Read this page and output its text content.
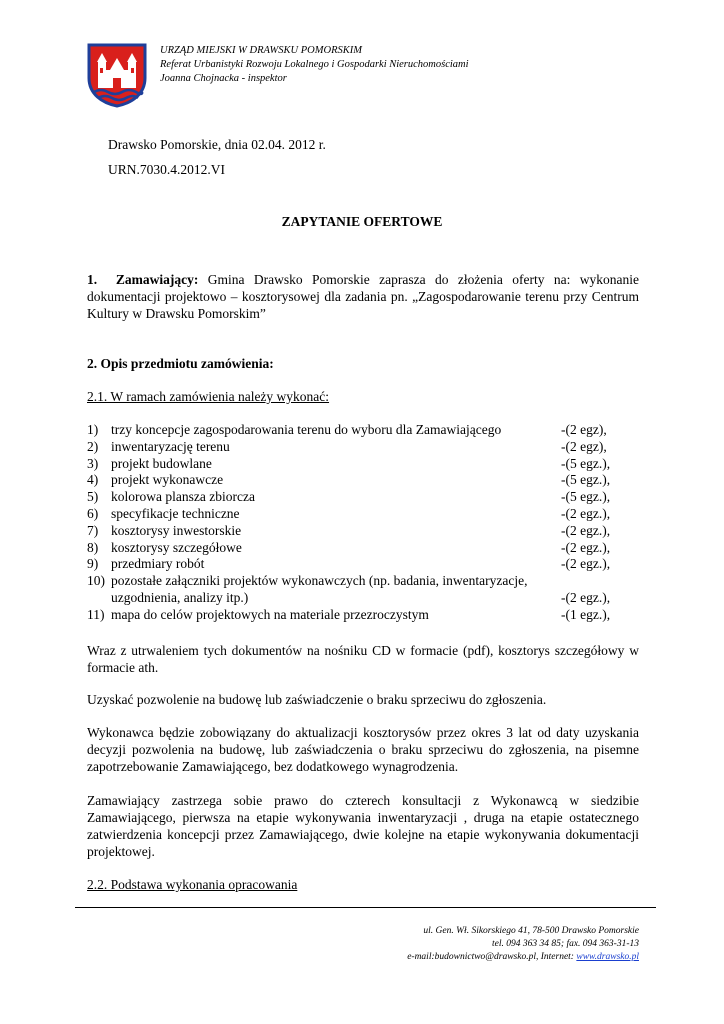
URZĄD MIEJSKI W DRAWSKU POMORSKIM
Referat Urbanistyki Rozwoju Lokalnego i Gospodarki Nieruchomościami
Joanna Chojnacka - inspektor
Drawsko Pomorskie, dnia 02.04. 2012 r.
URN.7030.4.2012.VI
ZAPYTANIE OFERTOWE
1. Zamawiający: Gmina Drawsko Pomorskie zaprasza do złożenia oferty na: wykonanie dokumentacji projektowo – kosztorysowej dla zadania pn. „Zagospodarowanie terenu przy Centrum Kultury w Drawsku Pomorskim”
2. Opis przedmiotu zamówienia:
2.1. W ramach zamówienia należy wykonać:
1) trzy koncepcje zagospodarowania terenu do wyboru dla Zamawiającego	-(2 egz),
2) inwentaryzację terenu	-(2 egz),
3) projekt budowlane	-(5 egz.),
4) projekt wykonawcze	-(5 egz.),
5) kolorowa plansza zbiorcza	-(5 egz.),
6) specyfikacje techniczne	-(2 egz.),
7) kosztorysy inwestorskie	-(2 egz.),
8) kosztorysy szczegółowe	-(2 egz.),
9) przedmiary robót	-(2 egz.),
10) pozostałe załączniki projektów wykonawczych (np. badania, inwentaryzacje,
uzgodnienia, analizy itp.)	-(2 egz.),
11) mapa do celów projektowych na materiale przezroczystym	-(1 egz.),
Wraz z utrwaleniem tych dokumentów na nośniku CD w formacie (pdf), kosztorys szczegółowy w formacie ath.
Uzyskać pozwolenie na budowę lub zaświadczenie o braku sprzeciwu do zgłoszenia.
Wykonawca będzie zobowiązany do aktualizacji kosztorysów przez okres 3 lat od daty uzyskania decyzji pozwolenia na budowę, lub zaświadczenia o braku sprzeciwu do zgłoszenia, na pisemne zapotrzebowanie Zamawiającego, bez dodatkowego wynagrodzenia.
Zamawiający zastrzega sobie prawo do czterech konsultacji z Wykonawcą w siedzibie Zamawiającego, pierwsza na etapie wykonywania inwentaryzacji , druga na etapie ostatecznego zatwierdzenia koncepcji przez Zamawiającego, dwie kolejne na etapie wykonywania dokumentacji projektowej.
2.2. Podstawa wykonania opracowania
ul. Gen. Wł. Sikorskiego 41, 78-500 Drawsko Pomorskie
tel. 094 363 34 85; fax. 094 363-31-13
e-mail:budownictwo@drawsko.pl, Internet: www.drawsko.pl
